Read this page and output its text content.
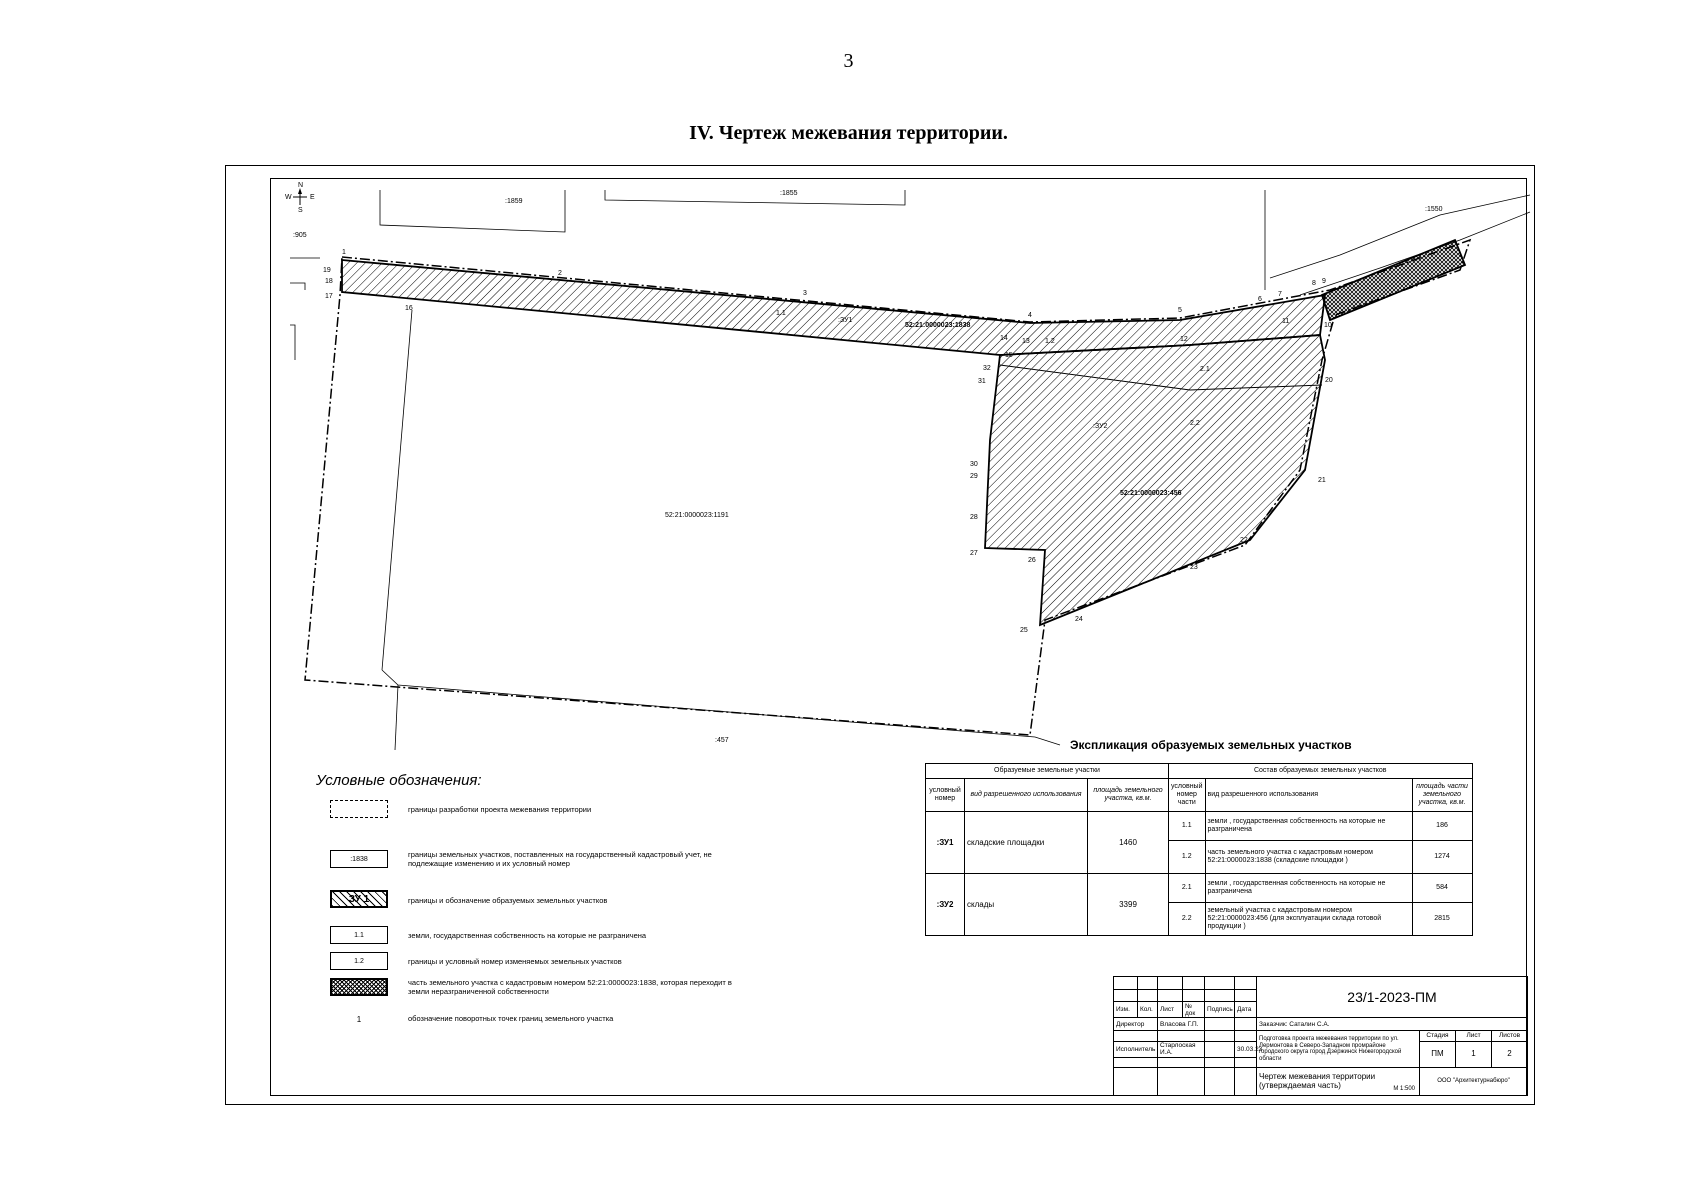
3
IV. Чертеж межевания территории.
N
S
W	E
:1859
:1855
:1550
:905
:457
52:21:0000023:1838
52:21:0000023:1191
52:21:0000023:456
:ЗУ1
:ЗУ2
1.1
1.2
2.1
2.2
1
2
3
4
5
6
7
8 9
10
11
12
13
14
15
16
17
18
19
20
21
22
23
24
25
26
27
28
29
30
31
32
Условные обозначения:
границы разработки проекта межевания территории
:1838	границы земельных участков, поставленных на государственный кадастровый учет, не подлежащие изменению и их условный номер
ЗУ 1	границы и обозначение образуемых земельных участков
1.1	земли, государственная собственность на которые не разграничена
1.2	границы и условный номер изменяемых земельных участков
часть земельного участка с кадастровым номером 52:21:0000023:1838, которая переходит в земли неразграниченной собственности
1	обозначение поворотных точек границ земельного участка
Экспликация образуемых земельных участков
Образуемые земельные участки			Состав образуемых земельных участков		
условный номер	вид разрешенного использования	площадь земельного участка, кв.м.	условный номер части	вид разрешенного использования	площадь части земельного участка, кв.м.
:ЗУ1	складские площадки	1460	1.1	земли , государственная собственность на которые не разграничена	186
			1.2	часть земельного участка с кадастровым номером 52:21:0000023:1838 (складские площадки )	1274
:ЗУ2	склады	3399	2.1	земли , государственная собственность на которые не разграничена	584
			2.2	земельный участка с кадастровым номером 52:21:0000023:456 (для эксплуатации склада готовой продукции )	2815
						23/1-2023-ПМ			

Изм.	Кол.	Лист	№ док	Подпись	Дата				
Директор		Власова Г.П.				Заказчик: Саталин С.А.			
						Подготовка проекта межевания территории по ул. Лермонтова в Северо-Западном промрайоне городского округа город Дзержинск Нижегородской области	Стадия	Лист	Листов
Исполнитель		Старлоская И.А.			30.03.23		ПМ	1	2

						Чертеж межевания территории (утверждаемая часть) М 1:500	ООО "Архитектурнабюро"		
